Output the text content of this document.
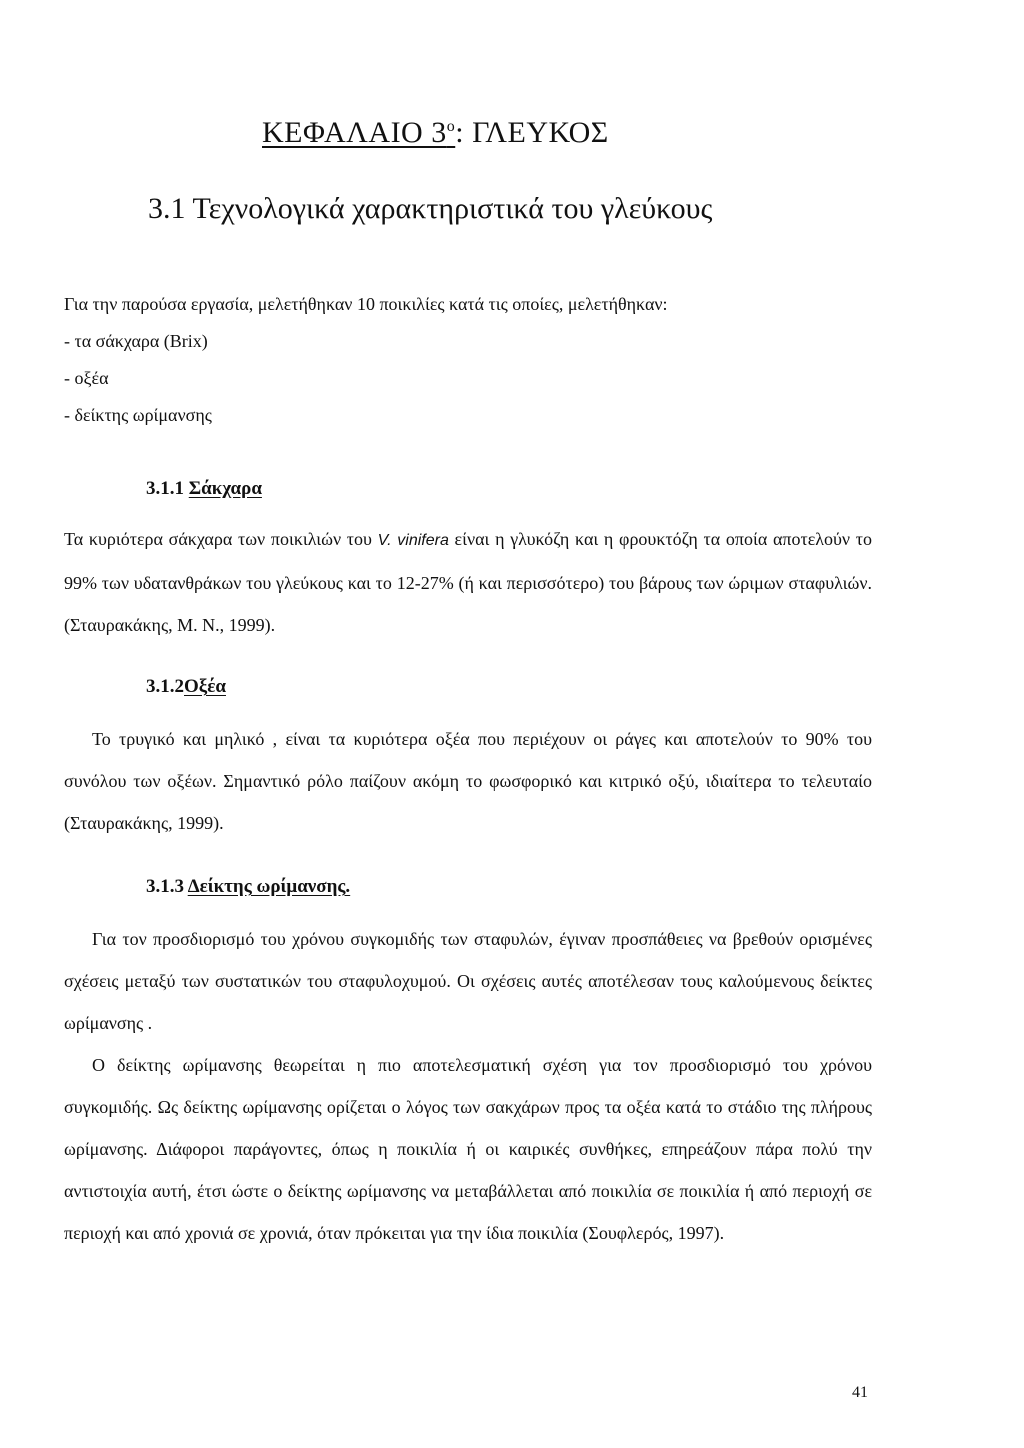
ΚΕΦΑΛΑΙΟ $3^o$: ΓΛΕΥΚΟΣ
3.1 Τεχνολογικά χαρακτηριστικά του γλεύκους
Για την παρούσα εργασία, μελετήθηκαν 10 ποικιλίες κατά τις οποίες, μελετήθηκαν:
- τα σάκχαρα (Brix)
- οξέα
- δείκτης ωρίμανσης
3.1.1 Σάκχαρα

Τα κυριότερα σάκχαρα των ποικιλιών του V. vinifera είναι η γλυκόζη και η φρουκτόζη τα οποία αποτελούν το 99% των υδατανθράκων του γλεύκους και το 12-27% (ή και περισσότερο) του βάρους των ώριμων σταφυλιών. (Σταυρακάκης, Μ. Ν., 1999).

3.1.2Οξέα

Το τρυγικό και μηλικό , είναι τα κυριότερα οξέα που περιέχουν οι ράγες και αποτελούν το 90% του συνόλου των οξέων. Σημαντικό ρόλο παίζουν ακόμη το φωσφορικό και κιτρικό οξύ, ιδιαίτερα το τελευταίο (Σταυρακάκης, 1999).

3.1.3 Δείκτης ωρίμανσης.

Για τον προσδιορισμό του χρόνου συγκομιδής των σταφυλών, έγιναν προσπάθειες να βρεθούν ορισμένες σχέσεις μεταξύ των συστατικών του σταφυλοχυμού. Οι σχέσεις αυτές αποτέλεσαν τους καλούμενους δείκτες ωρίμανσης .

Ο δείκτης ωρίμανσης θεωρείται η πιο αποτελεσματική σχέση για τον προσδιορισμό του χρόνου συγκομιδής. Ως δείκτης ωρίμανσης ορίζεται ο λόγος των σακχάρων προς τα οξέα κατά το στάδιο της πλήρους ωρίμανσης. Διάφοροι παράγοντες, όπως η ποικιλία ή οι καιρικές συνθήκες, επηρεάζουν πάρα πολύ την αντιστοιχία αυτή, έτσι ώστε ο δείκτης ωρίμανσης να μεταβάλλεται από ποικιλία σε ποικιλία ή από περιοχή σε περιοχή και από χρονιά σε χρονιά, όταν πρόκειται για την ίδια ποικιλία (Σουφλερός, 1997).

41
